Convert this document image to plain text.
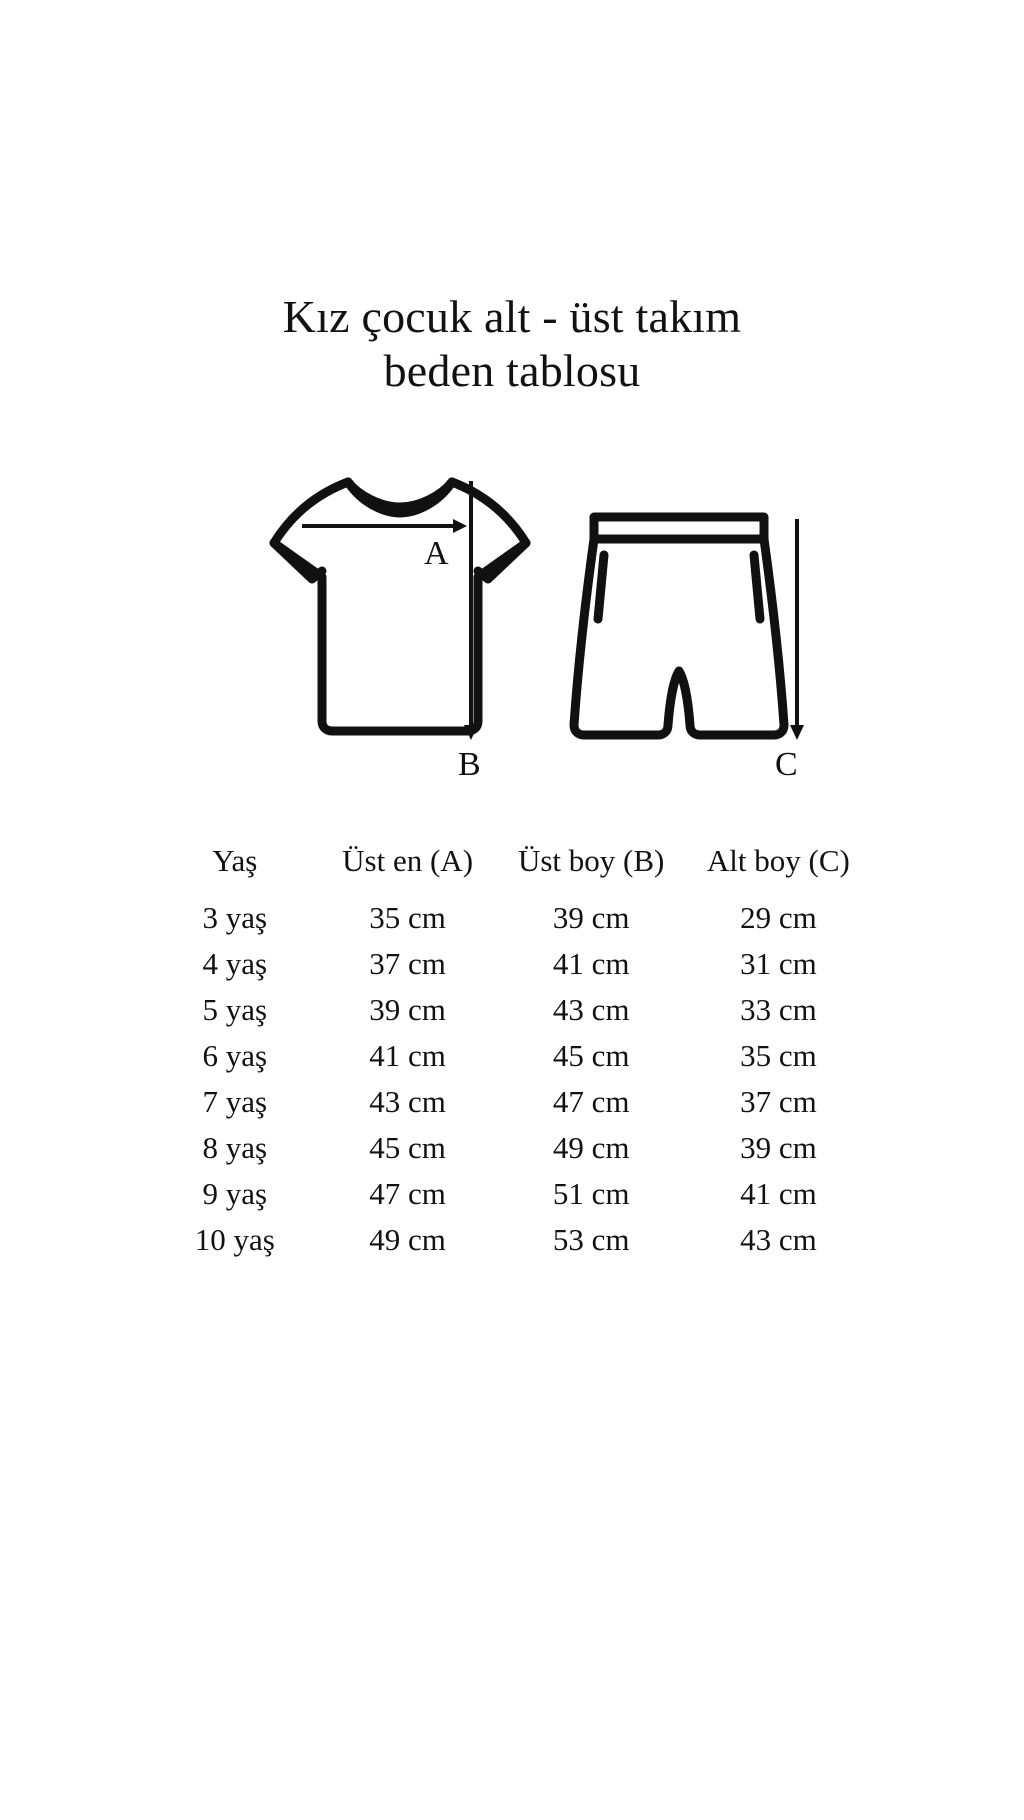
Kız çocuk alt - üst takım
beden tablosu
A
B	C
Yaş	Üst en (A)	Üst boy (B)	Alt boy (C)
3 yaş	35 cm	39 cm	29 cm
4 yaş	37 cm	41 cm	31 cm
5 yaş	39 cm	43 cm	33 cm
6 yaş	41 cm	45 cm	35 cm
7 yaş	43 cm	47 cm	37 cm
8 yaş	45 cm	49 cm	39 cm
9 yaş	47 cm	51 cm	41 cm
10 yaş	49 cm	53 cm	43 cm
